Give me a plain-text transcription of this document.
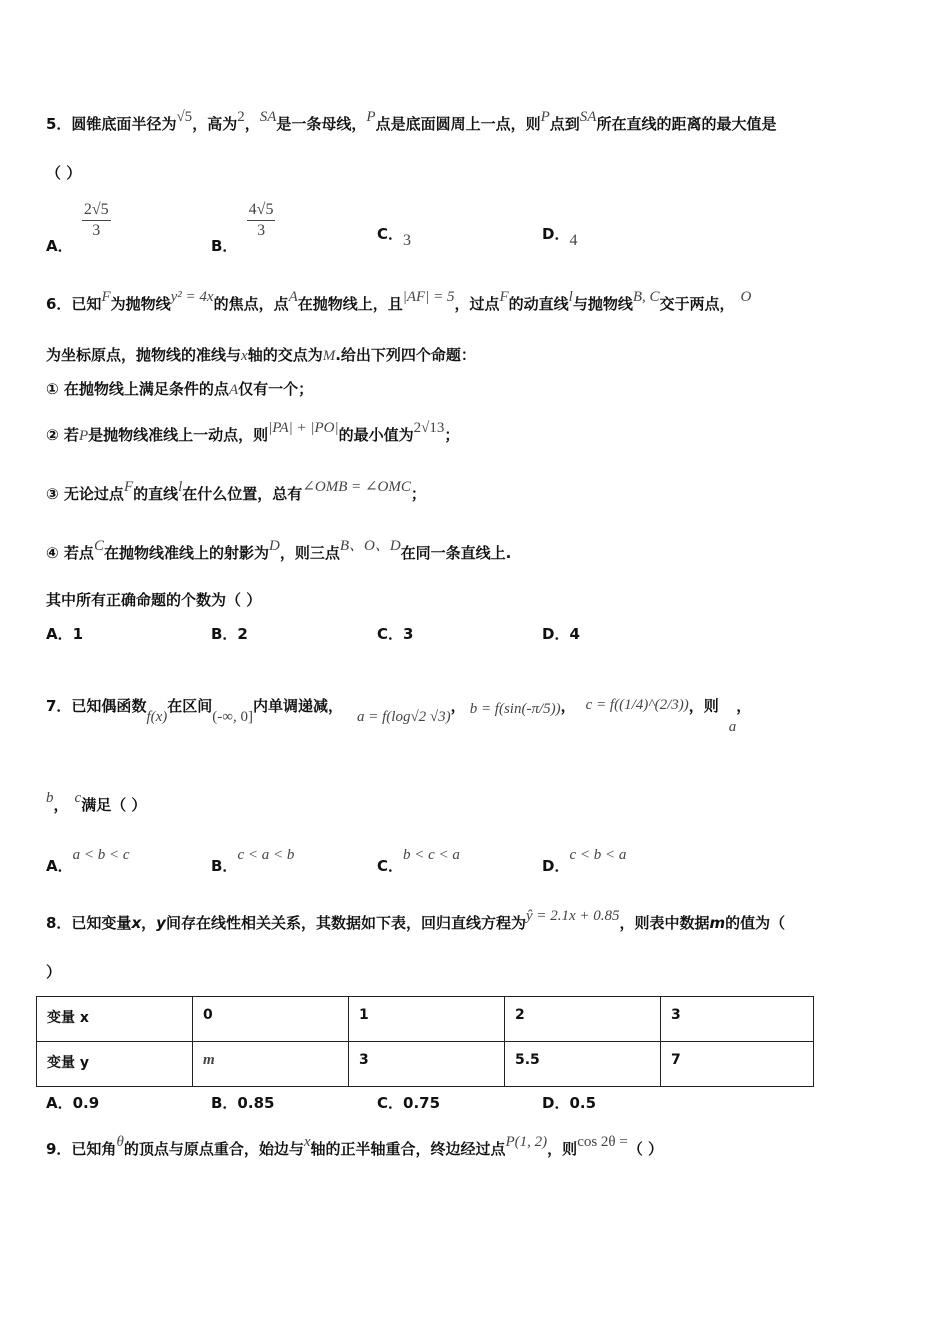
5．圆锥底面半径为√5，高为2，SA是一条母线，P点是底面圆周上一点，则P点到SA所在直线的距离的最大值是
（ ）
A．
$\frac{2√5}{3}$
B．
$\frac{4√5}{3}$	C．3	D．4
6．已知F为抛物线y² = 4x的焦点，点A在抛物线上，且|AF| = 5，过点F的动直线l与抛物线B, C交于两点， O
为坐标原点，抛物线的准线与x轴的交点为M.给出下列四个命题：
① 在抛物线上满足条件的点A仅有一个；
② 若P是抛物线准线上一动点，则|PA| + |PO|的最小值为2√13；
③ 无论过点F的直线l在什么位置，总有∠OMB = ∠OMC；
④ 若点C在抛物线准线上的射影为D，则三点B、O、D在同一条直线上.
其中所有正确命题的个数为（ ）
A．1	B．2	C．3	D．4
7．已知偶函数f(x)在区间(-∞, 0]内单调递减，a = f(log√2 √3)， b = f(sin(-π/5))， c = f((1/4)^(2/3))，则a，
b， c满足（ ）
A．a < b < c
B．c < a < b
C．b < c < a
D．c < b < a
8．已知变量x，y间存在线性相关关系，其数据如下表，回归直线方程为ŷ = 2.1x + 0.85，则表中数据m的值为（
）
变量 x	0	1	2	3
变量 y	m	3	5.5	7
A．0.9	B．0.85	C．0.75	D．0.5
9．已知角θ的顶点与原点重合，始边与x轴的正半轴重合，终边经过点P(1, 2)，则cos 2θ =（ ）
